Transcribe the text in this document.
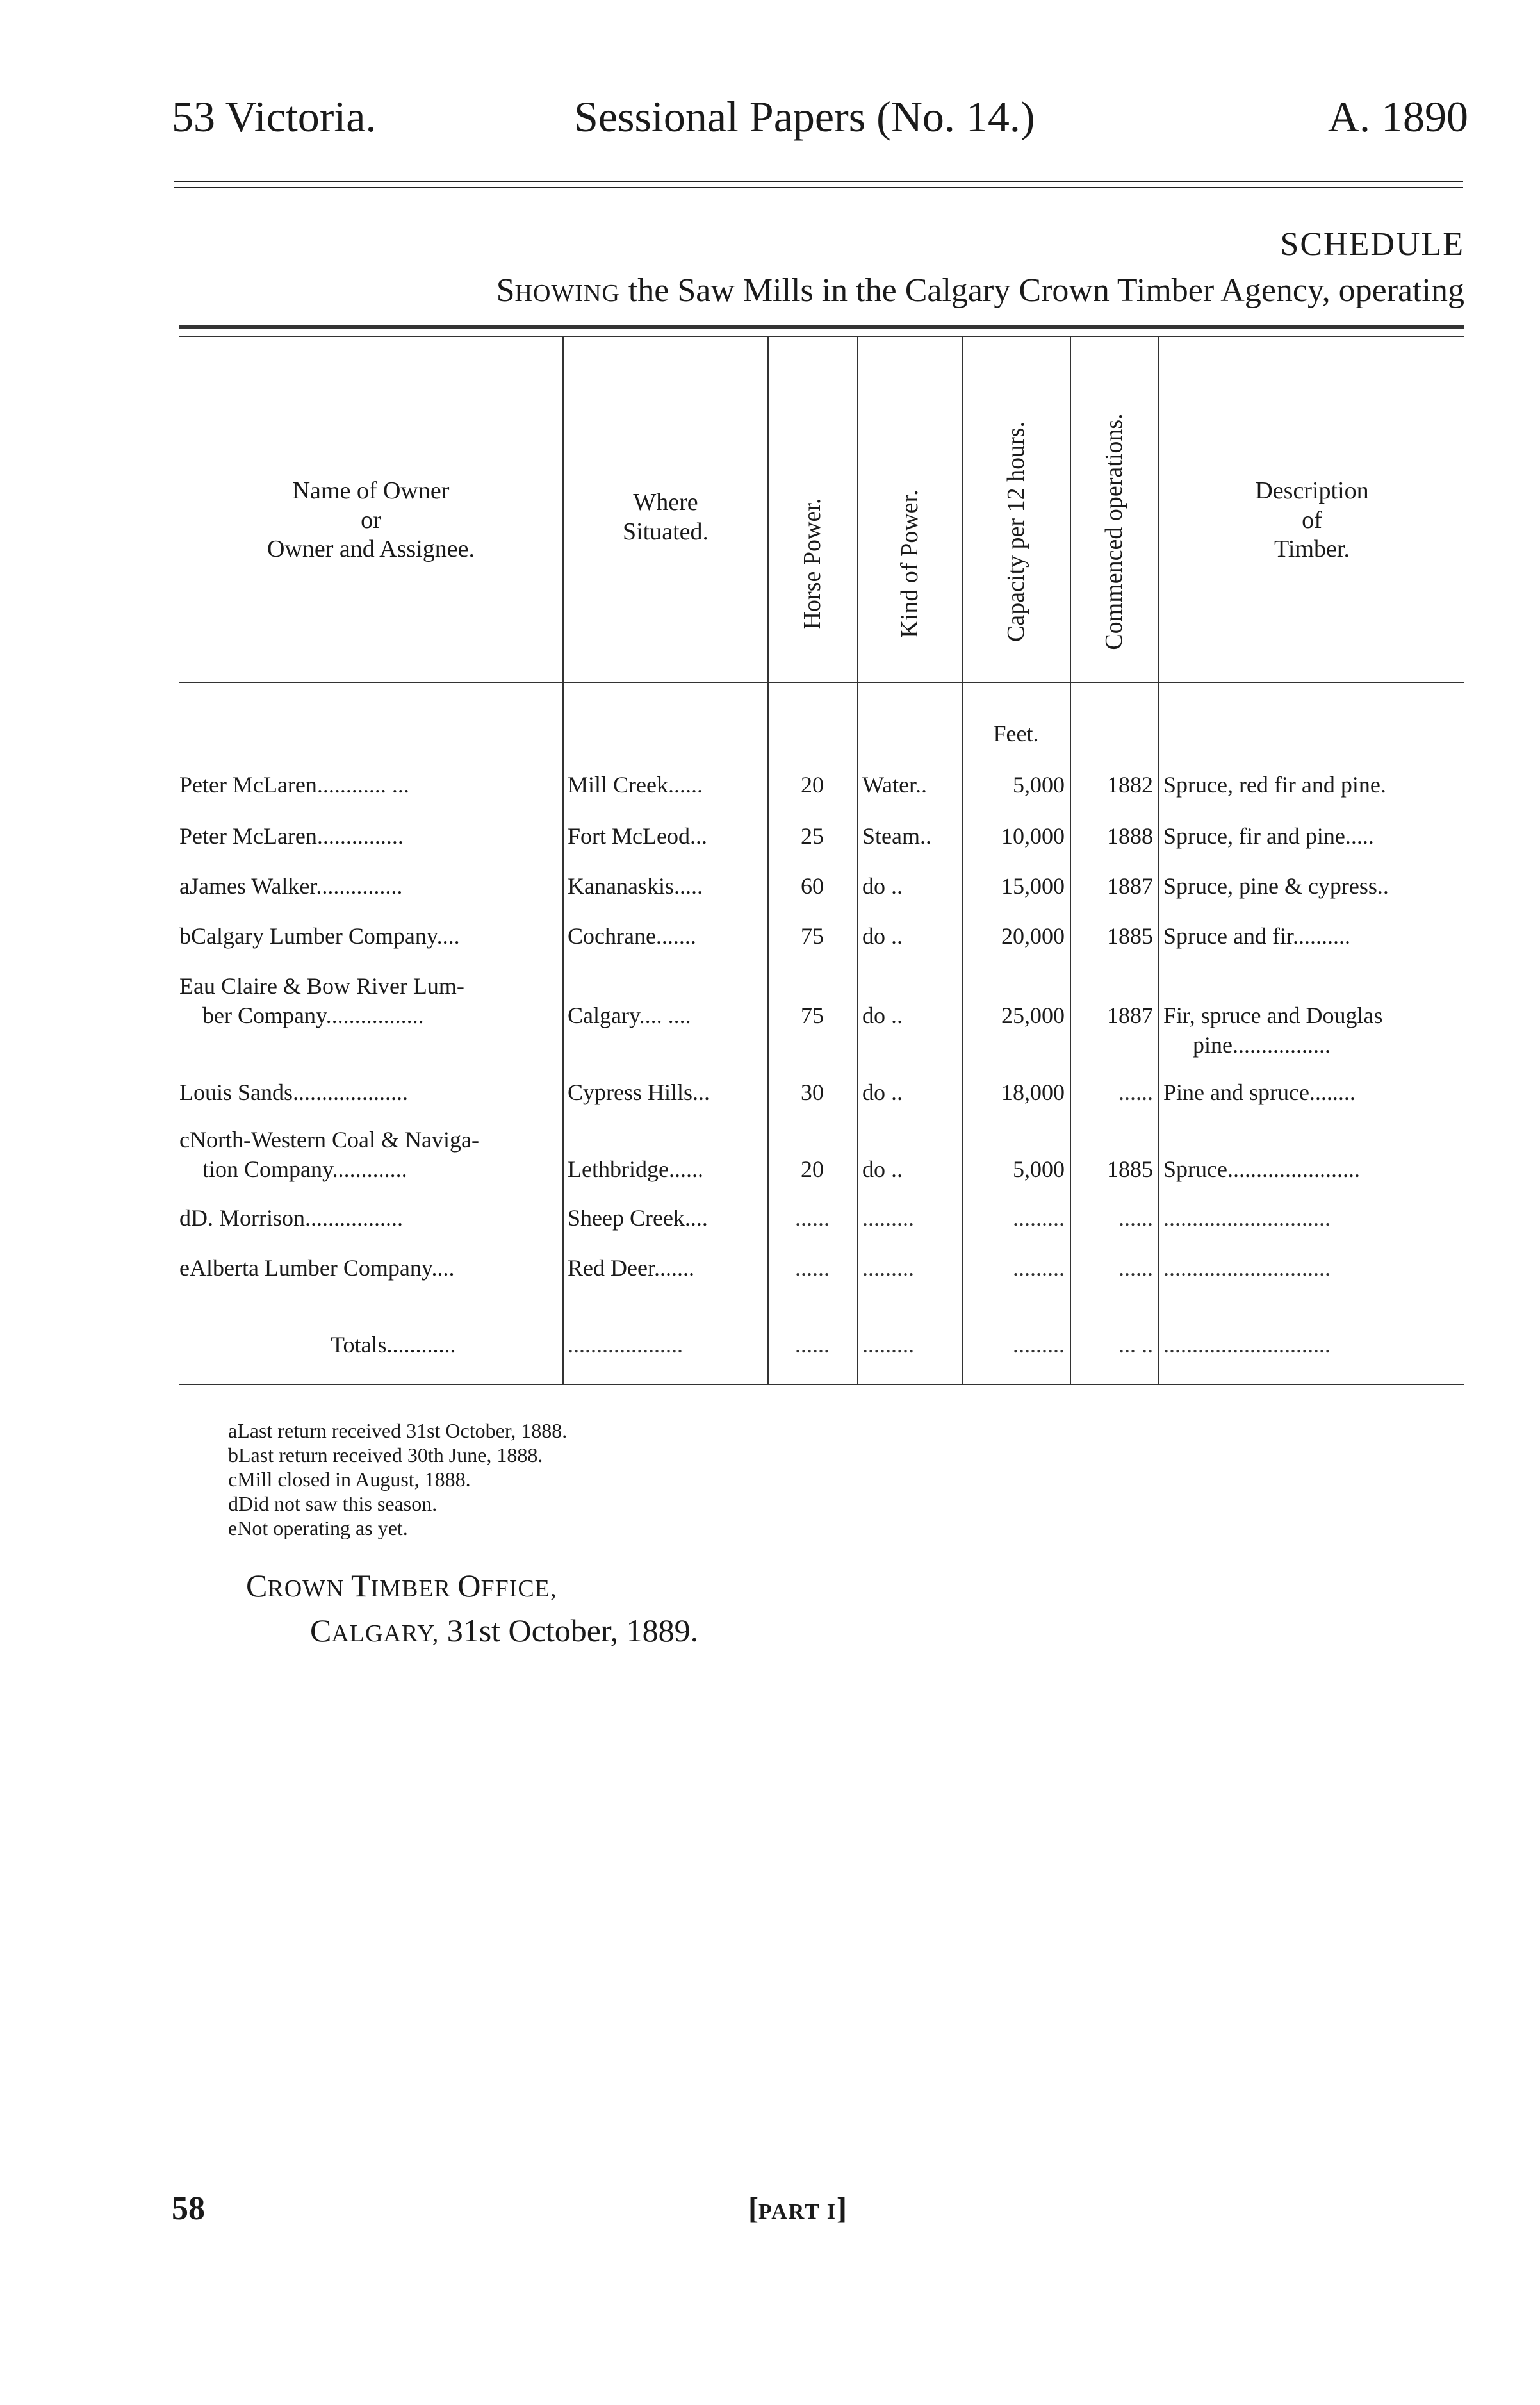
53 Victoria.	Sessional Papers (No. 14.)	A. 1890
SCHEDULE
SHOWING the Saw Mills in the Calgary Crown Timber Agency, operating
Name of Owner
or
Owner and Assignee.
Where
Situated.	Horse Power.	Kind of Power.	Capacity per 12 hours.	Commenced operations.	Description
of
Timber.
Feet.
Peter McLaren............ ...	Mill Creek......	20	Water..	5,000	1882 Spruce, red fir and pine.
Peter McLaren...............	Fort McLeod...	25	Steam..	10,000	1888 Spruce, fir and pine.....
aJames Walker...............	Kananaskis.....	60	do ..	15,000	1887 Spruce, pine & cypress..
bCalgary Lumber Company....	Cochrane.......	75	do ..	20,000	1885 Spruce and fir..........
Eau Claire & Bow River Lum-
ber Company.................	Calgary.... ....	75	do ..	25,000	1887 Fir, spruce and Douglas
pine.................
Louis Sands....................	Cypress Hills...	30	do ..	18,000	...... Pine and spruce........
cNorth-Western Coal & Naviga-
tion Company.............	Lethbridge......	20	do ..	5,000	1885 Spruce.......................
dD. Morrison.................	Sheep Creek....	......	.........	.........	...... .............................
eAlberta Lumber Company....	Red Deer.......	......	.........	.........	...... .............................
Totals............	....................	......	.........	.........	... .. .............................
aLast return received 31st October, 1888.
bLast return received 30th June, 1888.
cMill closed in August, 1888.
dDid not saw this season.
eNot operating as yet.
CROWN TIMBER OFFICE,
CALGARY, 31st October, 1889.
58	[PART I]
